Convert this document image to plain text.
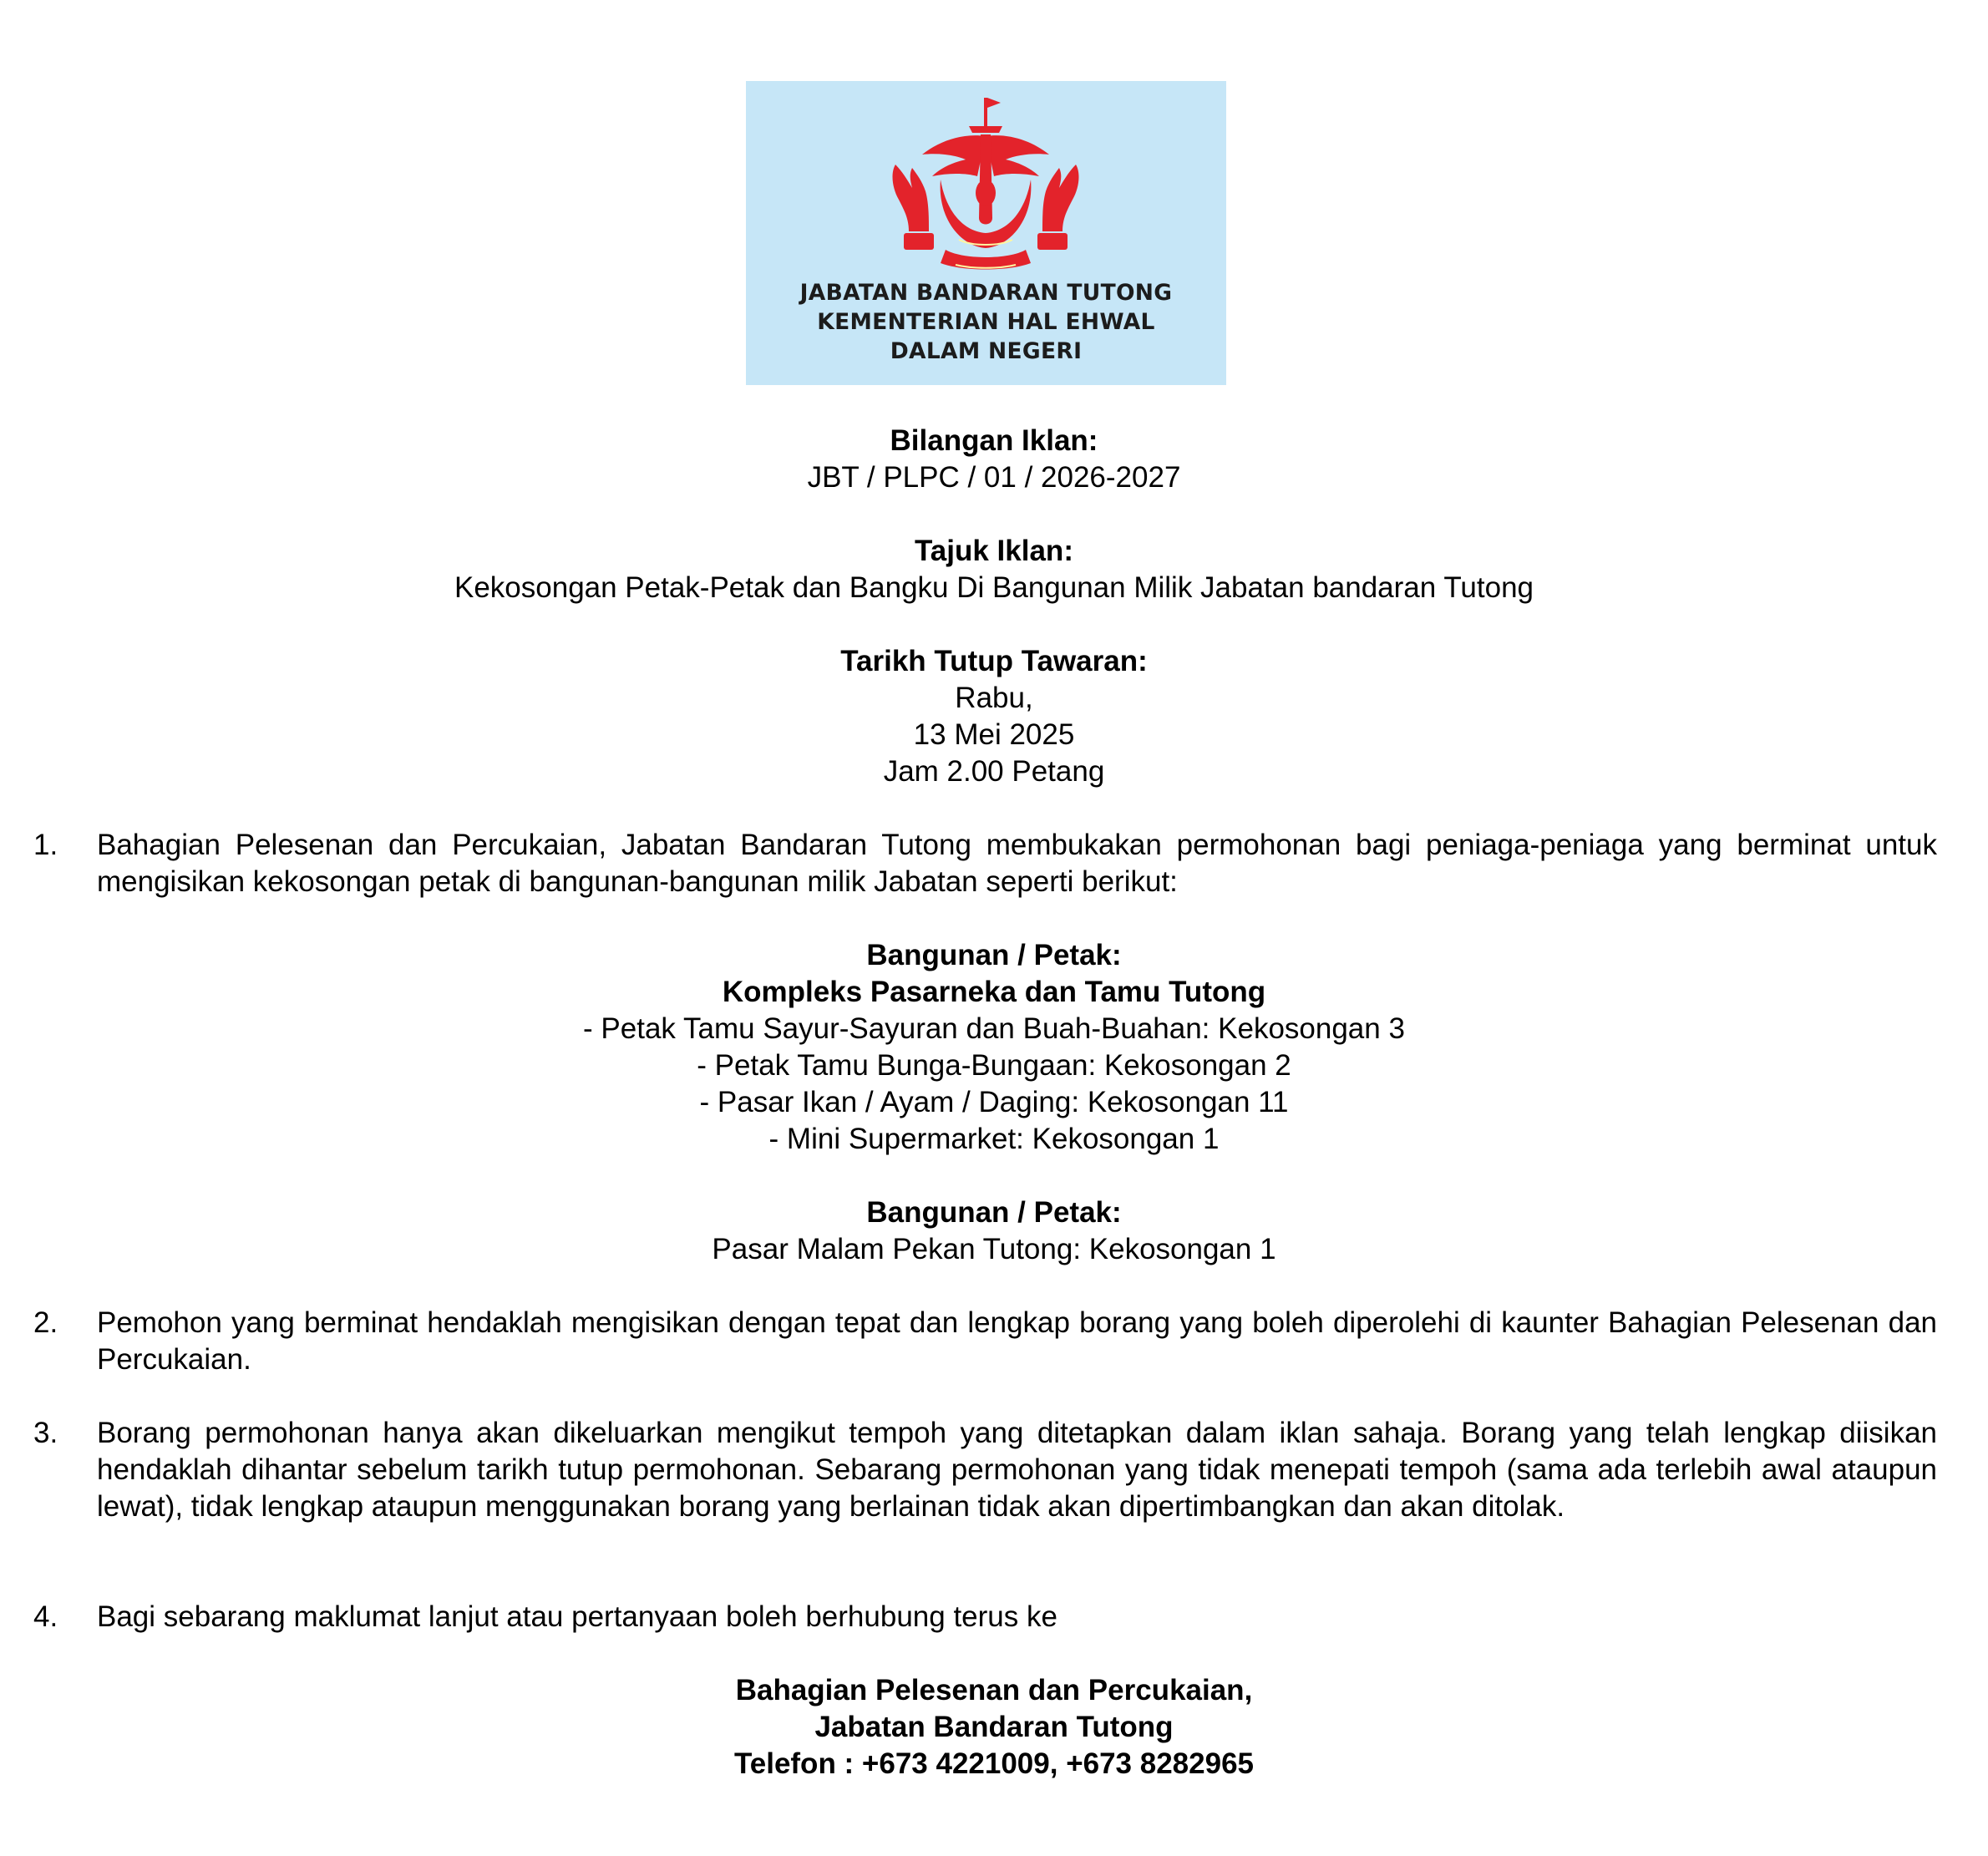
JABATAN BANDARAN TUTONG
KEMENTERIAN HAL EHWAL
DALAM NEGERI
Bilangan Iklan:
JBT / PLPC / 01 / 2026-2027
Tajuk Iklan:
Kekosongan Petak-Petak dan Bangku Di Bangunan Milik Jabatan bandaran Tutong
Tarikh Tutup Tawaran:
Rabu,
13 Mei 2025
Jam 2.00 Petang
1. Bahagian Pelesenan dan Percukaian, Jabatan Bandaran Tutong membukakan permohonan bagi peniaga-peniaga yang berminat untuk mengisikan kekosongan petak di bangunan-bangunan milik Jabatan seperti berikut:
Bangunan / Petak:
Kompleks Pasarneka dan Tamu Tutong
- Petak Tamu Sayur-Sayuran dan Buah-Buahan: Kekosongan 3
- Petak Tamu Bunga-Bungaan: Kekosongan 2
- Pasar Ikan / Ayam / Daging: Kekosongan 11
- Mini Supermarket: Kekosongan 1
Bangunan / Petak:
Pasar Malam Pekan Tutong: Kekosongan 1
2. Pemohon yang berminat hendaklah mengisikan dengan tepat dan lengkap borang yang boleh diperolehi di kaunter Bahagian Pelesenan dan Percukaian.
3. Borang permohonan hanya akan dikeluarkan mengikut tempoh yang ditetapkan dalam iklan sahaja. Borang yang telah lengkap diisikan hendaklah dihantar sebelum tarikh tutup permohonan. Sebarang permohonan yang tidak menepati tempoh (sama ada terlebih awal ataupun lewat), tidak lengkap ataupun menggunakan borang yang berlainan tidak akan dipertimbangkan dan akan ditolak.
4. Bagi sebarang maklumat lanjut atau pertanyaan boleh berhubung terus ke
Bahagian Pelesenan dan Percukaian,
Jabatan Bandaran Tutong
Telefon : +673 4221009, +673 8282965
